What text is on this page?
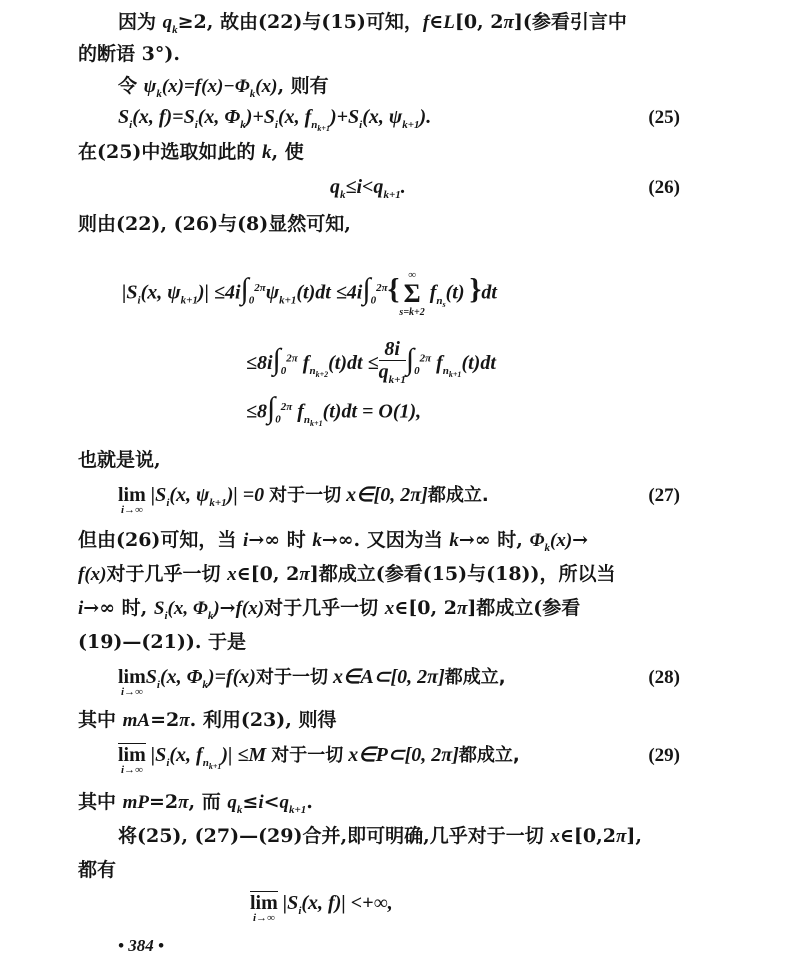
因为 $q_k\ge 2$, 故由(22)与(15)可知，f∈L[0, 2π](参看引言中
的断语 3°).
令 $\psi_k(x)=f(x)-\Phi_k(x)$, 则有
$S_i(x$, $f)=S_i(x$, $\Phi_k)+S_i(x$, $f_{n_{k+1}})+S_i(x$, $\psi_{k+1}$).	(25)
在(25)中选取如此的 k, 使
$q_k\le i<q_{k+1}$.	(26)
则由(22), (26)与(8)显然可知,
$|S_i(x$, $\psi_{k+1})| \le 4i\int_0^{2\pi}\psi_{k+1}(t)dt \le 4i\int_0^{2\pi}${ ∞
Σ
s=k+2
$f_{n_s}(t)$ }dt
$\le 8i\int_0^{2\pi}$ $f_{n_{k+2}}(t)dt \le \frac{8i}{q_{k+1}} \int_0^{2\pi}$ $f_{n_{k+1}}(t)dt$
$\le 8\int_0^{2\pi}$ $f_{n_{k+1}}(t)dt = O(1)$,
也就是说,
lim
i→∞
$|S_i(x$, $\psi_{k+1})| =0$ 对于一切 x∈[0, 2π]都成立.	(27)
但由(26)可知，当 i→∞ 时 k→∞. 又因为当 k→∞ 时, $\Phi_k(x)\to$
f(x)对于几乎一切 x∈[0, 2π]都成立(参看(15)与(18))，所以当
i→∞ 时, $S_i(x$, $\Phi_k)\to f(x)$对于几乎一切 x∈[0, 2π]都成立(参看
(19)—(21)). 于是
lim
i→∞
$S_i(x$, $\Phi_k)=f(x)$对于一切 x∈A⊂[0, 2π]都成立,	(28)
其中 mA=2π. 利用(23), 则得
lim
i→∞
$|S_i(x$, $f_{n_{k+1}})| \le M$ 对于一切 x∈P⊂[0, 2π]都成立,	(29)
其中 mP=2π, 而 $q_k\le i<q_{k+1}$.
将(25), (27)—(29)合并,即可明确,几乎对于一切 x∈[0,2π],
都有
lim
i→∞
$|S_i(x$, f)| <+∞,
• 384 •
